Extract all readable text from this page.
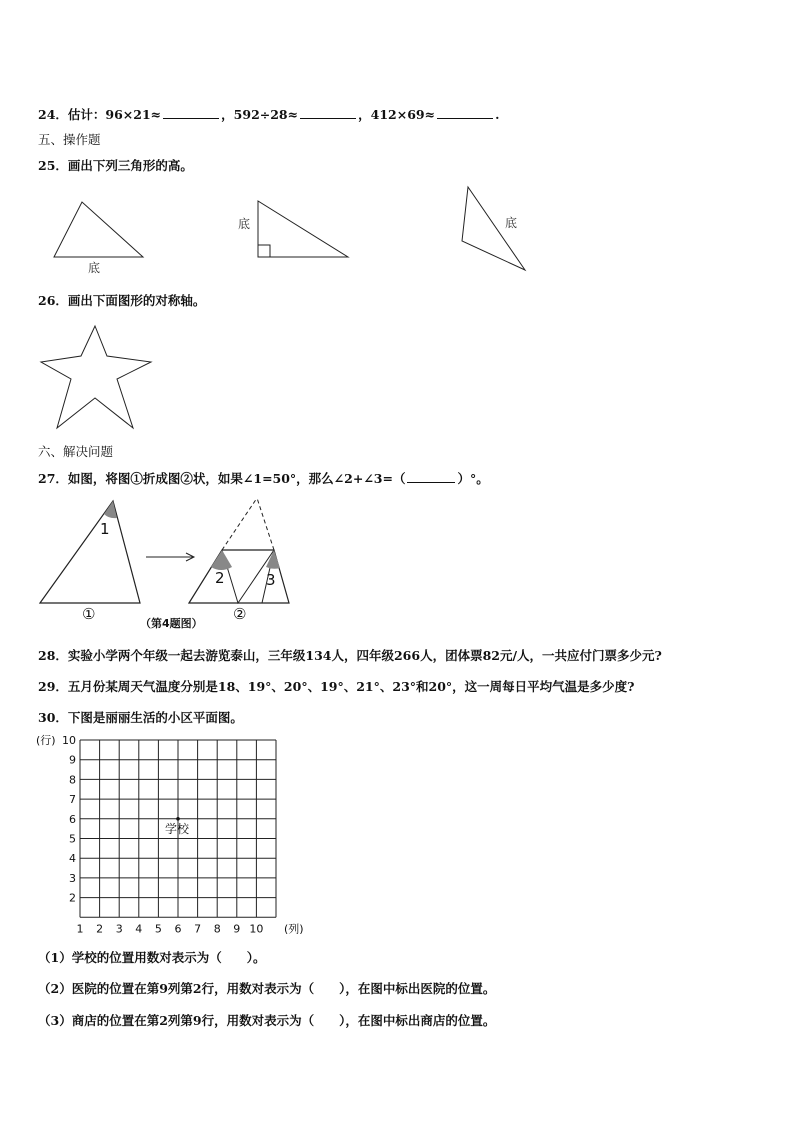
24．估计：96×21≈	，592÷28≈	，412×69≈	.
五、操作题
25．画出下列三角形的高。
底
底	底
26．画出下面图形的对称轴。
六、解决问题
27．如图，将图①折成图②状，如果∠1=50°，那么∠2+∠3=（	）°。
1
①
2	3
②
（第4题图）
28．实验小学两个年级一起去游览泰山，三年级134人，四年级266人，团体票82元/人，一共应付门票多少元?
29．五月份某周天气温度分别是18、19°、20°、19°、21°、23°和20°，这一周每日平均气温是多少度?
30．下图是丽丽生活的小区平面图。
10
9
8
7
6
5
4
3
2
(行)
1 2 3 4 5 6 7 8 9 10 (列)
学校
（1）学校的位置用数对表示为（　　）。
（2）医院的位置在第9列第2行，用数对表示为（　　），在图中标出医院的位置。
（3）商店的位置在第2列第9行，用数对表示为（　　），在图中标出商店的位置。
